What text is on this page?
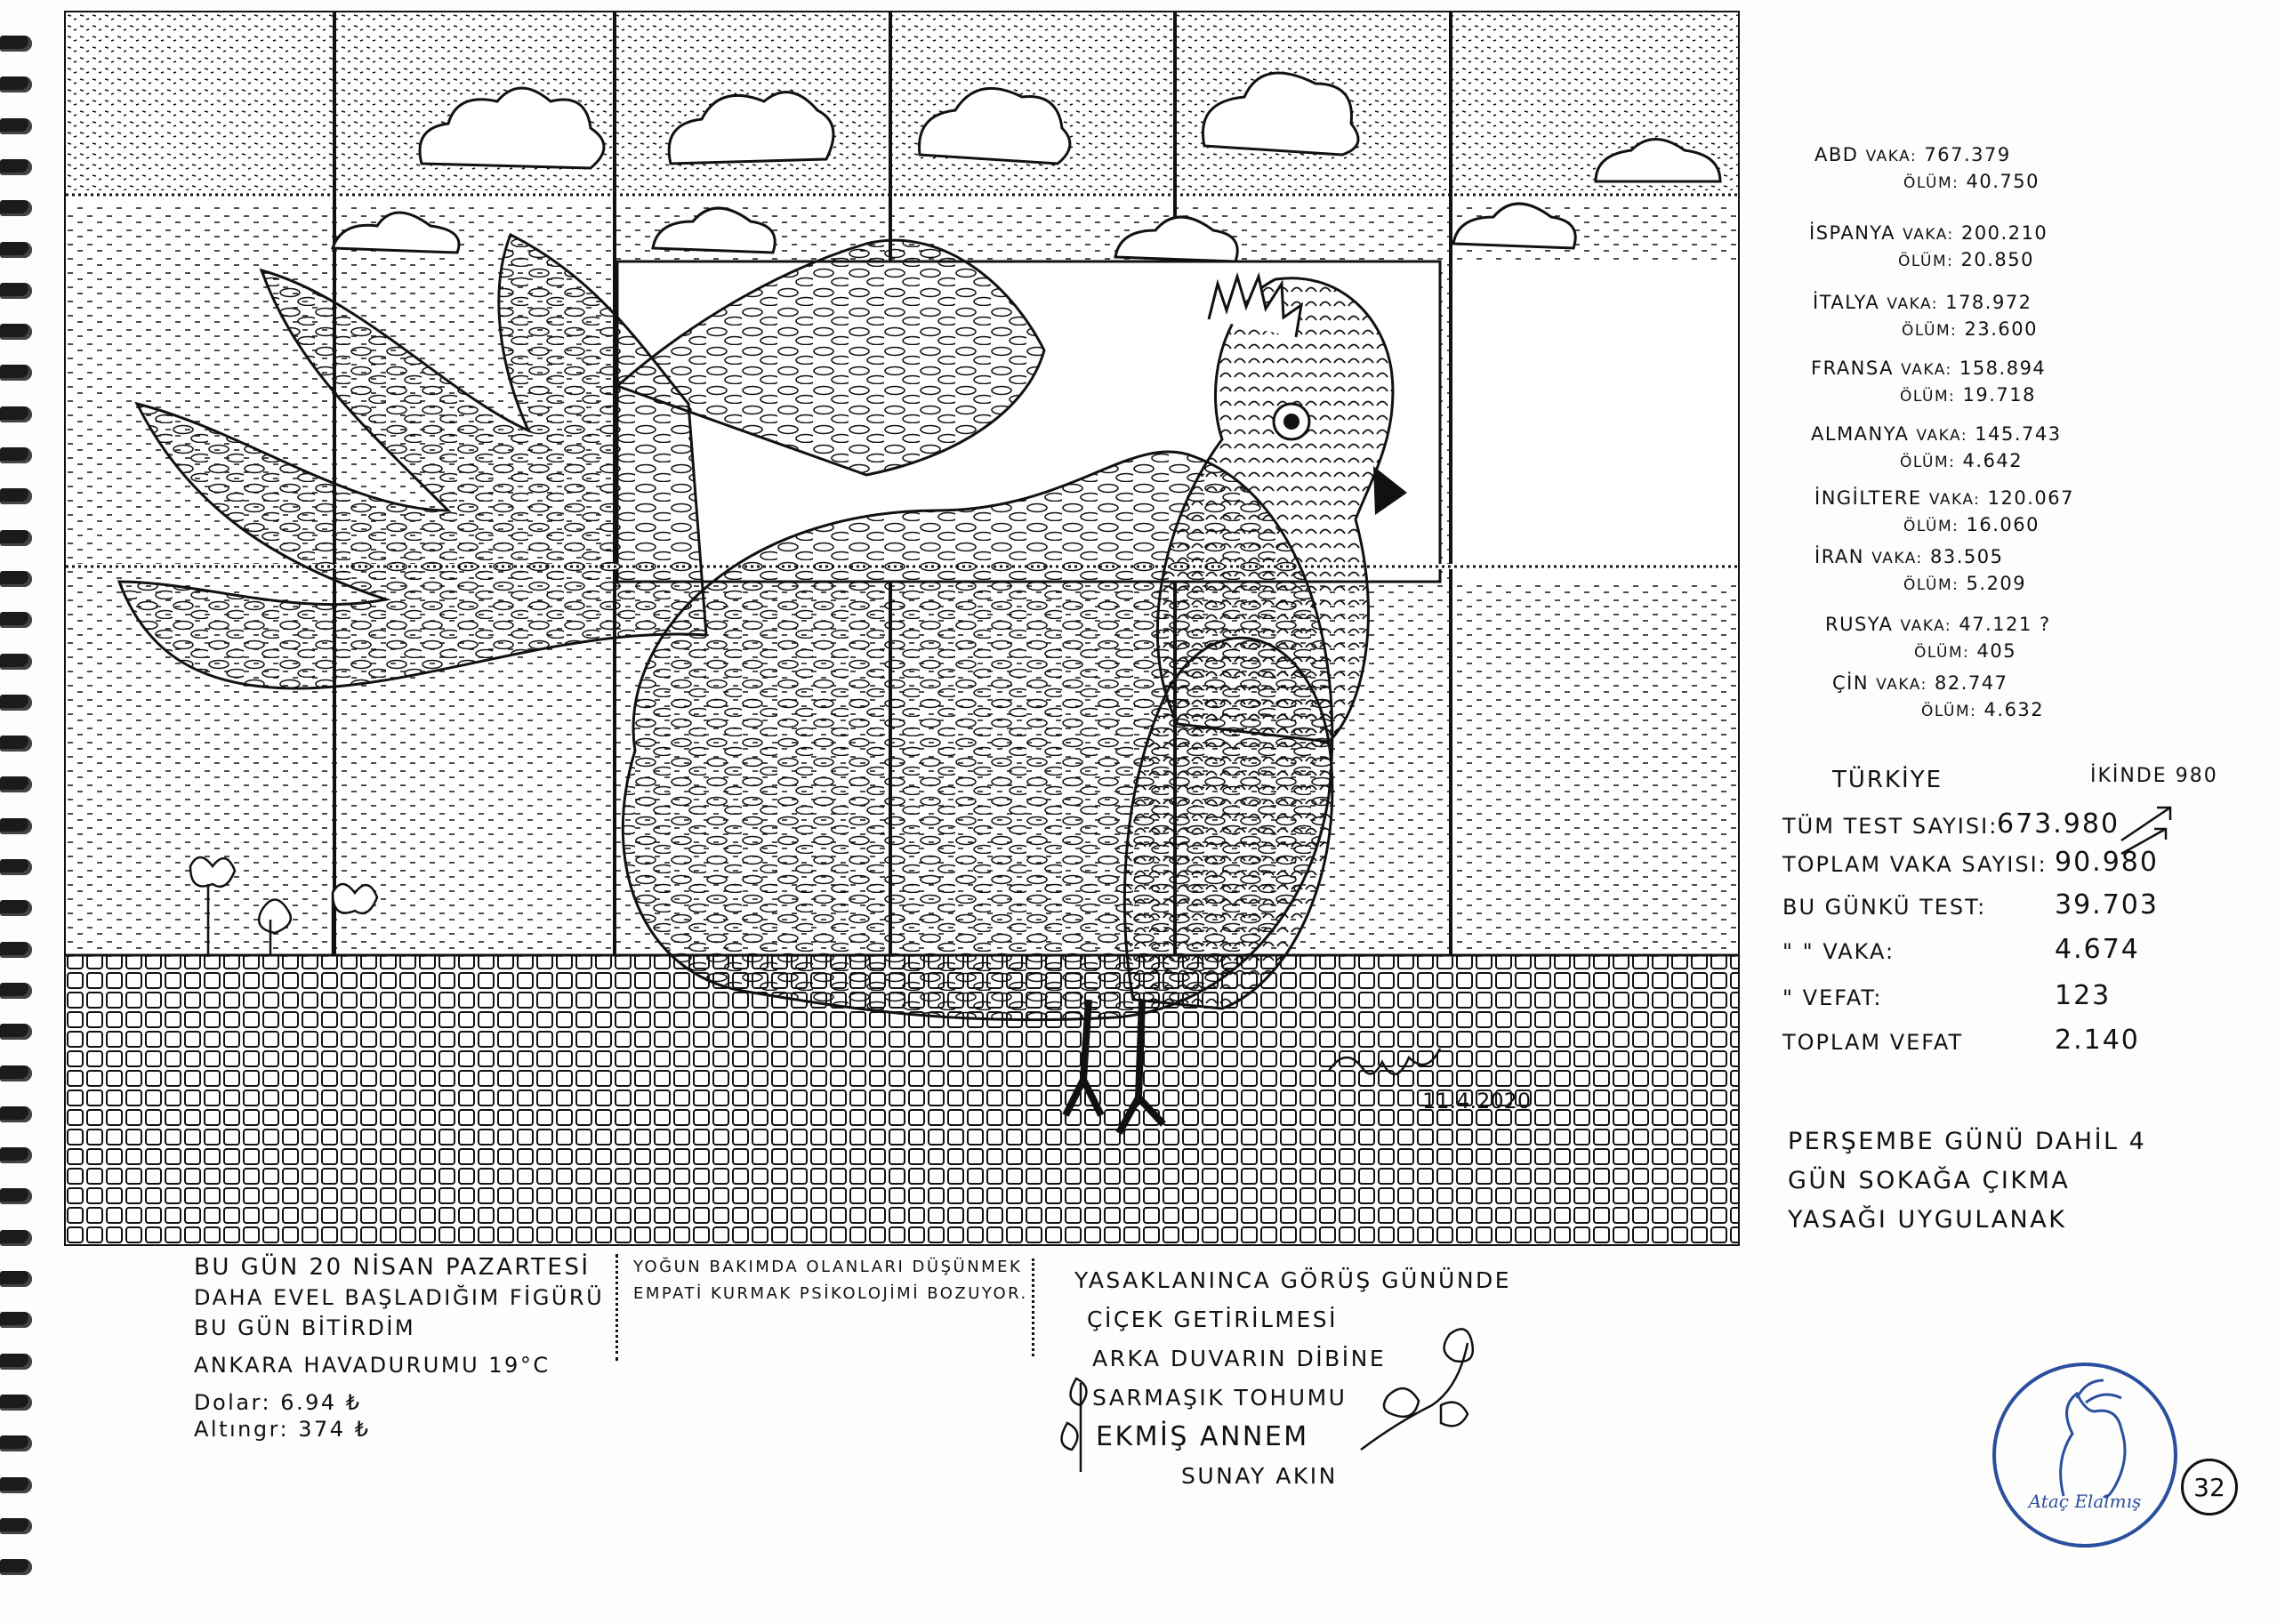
11.4.2020
ABD VAKA: 767.379
ÖLÜM: 40.750
İSPANYA VAKA: 200.210
ÖLÜM: 20.850
İTALYA VAKA: 178.972
ÖLÜM: 23.600
FRANSA VAKA: 158.894
ÖLÜM: 19.718
ALMANYA VAKA: 145.743
ÖLÜM: 4.642
İNGİLTERE VAKA: 120.067
ÖLÜM: 16.060
İRAN VAKA: 83.505
ÖLÜM: 5.209
RUSYA VAKA: 47.121 ?
ÖLÜM: 405
ÇİN VAKA: 82.747
ÖLÜM: 4.632
TÜRKİYE	İKİNDE 980
TÜM TEST SAYISI:
673.980
TOPLAM VAKA SAYISI: 90.980
BU GÜNKÜ TEST:	39.703
" " VAKA:	4.674
" VEFAT:	123
TOPLAM VEFAT	2.140
PERŞEMBE GÜNÜ DAHİL 4
GÜN SOKAĞA ÇIKMA
YASAĞI UYGULANAK
BU GÜN 20 NİSAN PAZARTESİ
DAHA EVEL BAŞLADIĞIM FİGÜRÜ
BU GÜN BİTİRDİM
ANKARA HAVADURUMU 19°C
Dolar: 6.94 ₺
Altıngr: 374 ₺
YOĞUN BAKIMDA OLANLARI DÜŞÜNMEK
EMPATİ KURMAK PSİKOLOJİMİ BOZUYOR.
YASAKLANINCA GÖRÜŞ GÜNÜNDE
ÇİÇEK GETİRİLMESİ
ARKA DUVARIN DİBİNE
SARMAŞIK TOHUMU
EKMİŞ ANNEM
SUNAY AKIN
Ataç Elalmış	32
